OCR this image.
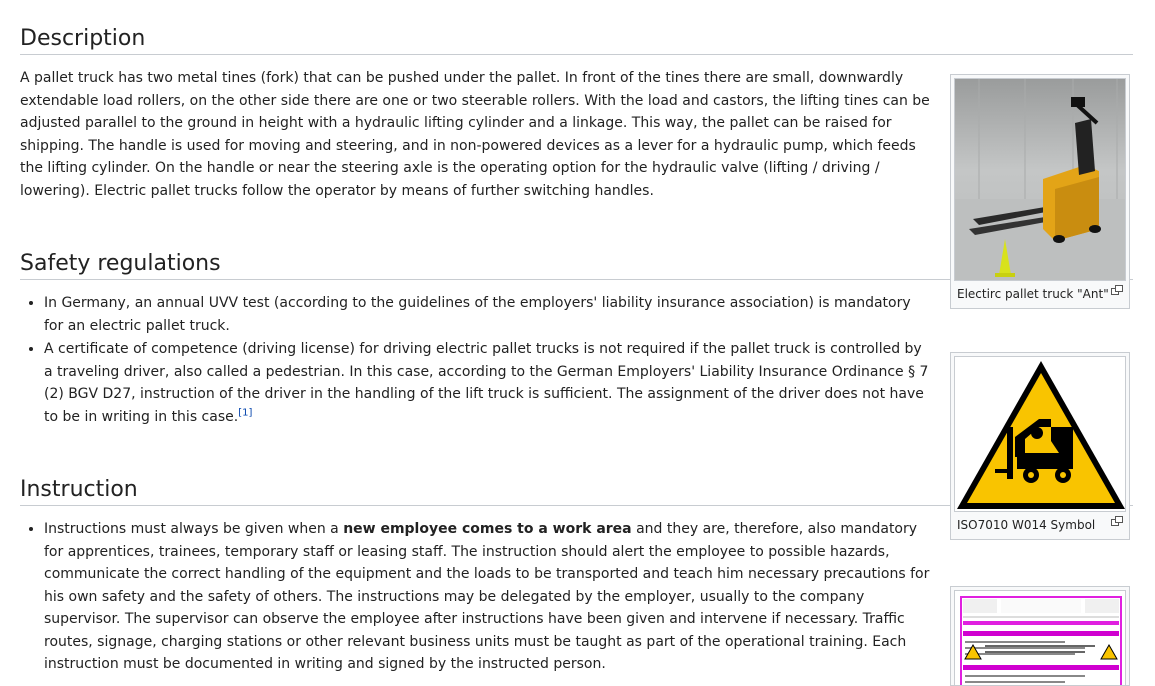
Description

A pallet truck has two metal tines (fork) that can be pushed under the pallet. In front of the tines there are small, downwardly extendable load rollers, on the other side there are one or two steerable rollers. With the load and castors, the lifting tines can be adjusted parallel to the ground in height with a hydraulic lifting cylinder and a linkage. This way, the pallet can be raised for shipping. The handle is used for moving and steering, and in non-powered devices as a lever for a hydraulic pump, which feeds the lifting cylinder. On the handle or near the steering axle is the operating option for the hydraulic valve (lifting / driving / lowering). Electric pallet trucks follow the operator by means of further switching handles.

Safety regulations
• In Germany, an annual UVV test (according to the guidelines of the employers' liability insurance association) is mandatory for an electric pallet truck.
• A certificate of competence (driving license) for driving electric pallet trucks is not required if the pallet truck is controlled by a traveling driver, also called a pedestrian. In this case, according to the German Employers' Liability Insurance Ordinance § 7 (2) BGV D27, instruction of the driver in the handling of the lift truck is sufficient. The assignment of the driver does not have to be in writing in this case.[1]
Instruction
• Instructions must always be given when a new employee comes to a work area and they are, therefore, also mandatory for apprentices, trainees, temporary staff or leasing staff. The instruction should alert the employee to possible hazards, communicate the correct handling of the equipment and the loads to be transported and teach him necessary precautions for his own safety and the safety of others. The instructions may be delegated by the employer, usually to the company supervisor. The supervisor can observe the employee after instructions have been given and intervene if necessary. Traffic routes, signage, charging stations or other relevant business units must be taught as part of the operational training. Each instruction must be documented in writing and signed by the instructed person.
Electirc pallet truck "Ant"
ISO7010 W014 Symbol
